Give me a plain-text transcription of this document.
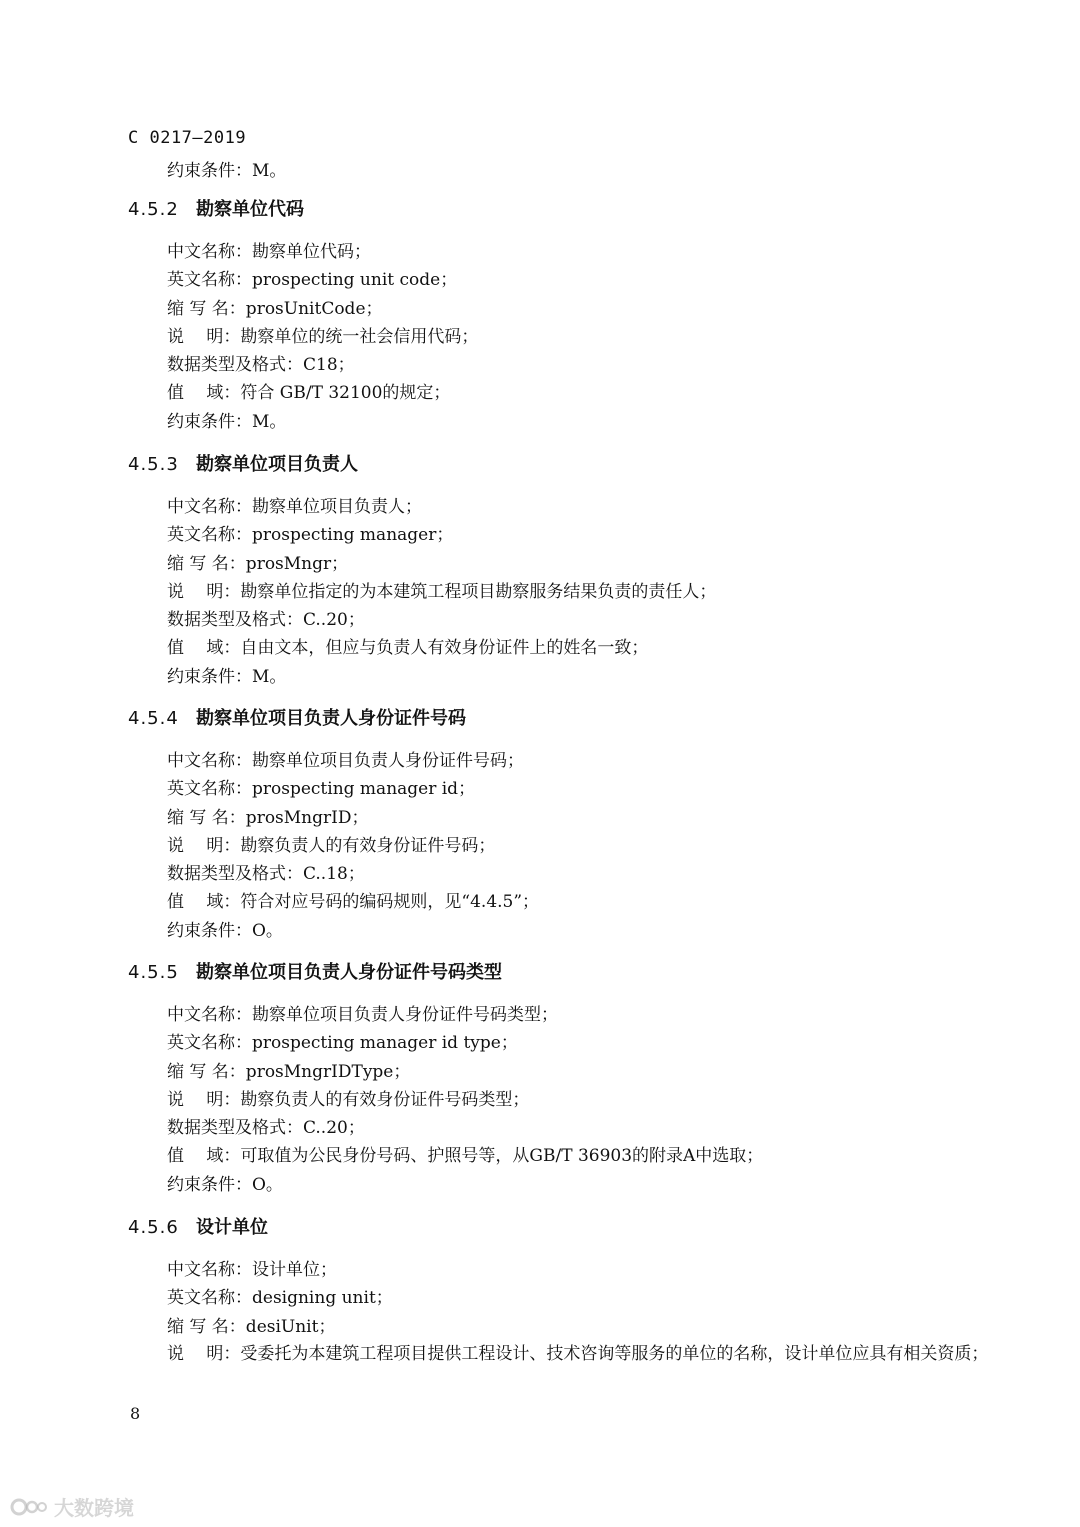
C 0217—2019
约束条件：M。
4.5.2 勘察单位代码
中文名称：勘察单位代码；
英文名称：prospecting unit code；
缩 写 名：prosUnitCode；
说　 明：勘察单位的统一社会信用代码；
数据类型及格式：C18；
值　 域：符合 GB/T 32100的规定；
约束条件：M。
4.5.3 勘察单位项目负责人
中文名称：勘察单位项目负责人；
英文名称：prospecting manager；
缩 写 名：prosMngr；
说　 明：勘察单位指定的为本建筑工程项目勘察服务结果负责的责任人；
数据类型及格式：C..20；
值　 域：自由文本，但应与负责人有效身份证件上的姓名一致；
约束条件：M。
4.5.4 勘察单位项目负责人身份证件号码
中文名称：勘察单位项目负责人身份证件号码；
英文名称：prospecting manager id；
缩 写 名：prosMngrID；
说　 明：勘察负责人的有效身份证件号码；
数据类型及格式：C..18；
值　 域：符合对应号码的编码规则，见“4.4.5”；
约束条件：O。
4.5.5 勘察单位项目负责人身份证件号码类型
中文名称：勘察单位项目负责人身份证件号码类型；
英文名称：prospecting manager id type；
缩 写 名：prosMngrIDType；
说　 明：勘察负责人的有效身份证件号码类型；
数据类型及格式：C..20；
值　 域：可取值为公民身份号码、护照号等，从GB/T 36903的附录A中选取；
约束条件：O。
4.5.6 设计单位
中文名称：设计单位；
英文名称：designing unit；
缩 写 名：desiUnit；
说　 明：受委托为本建筑工程项目提供工程设计、技术咨询等服务的单位的名称，设计单位应具有相关资质；
8
大数跨境
